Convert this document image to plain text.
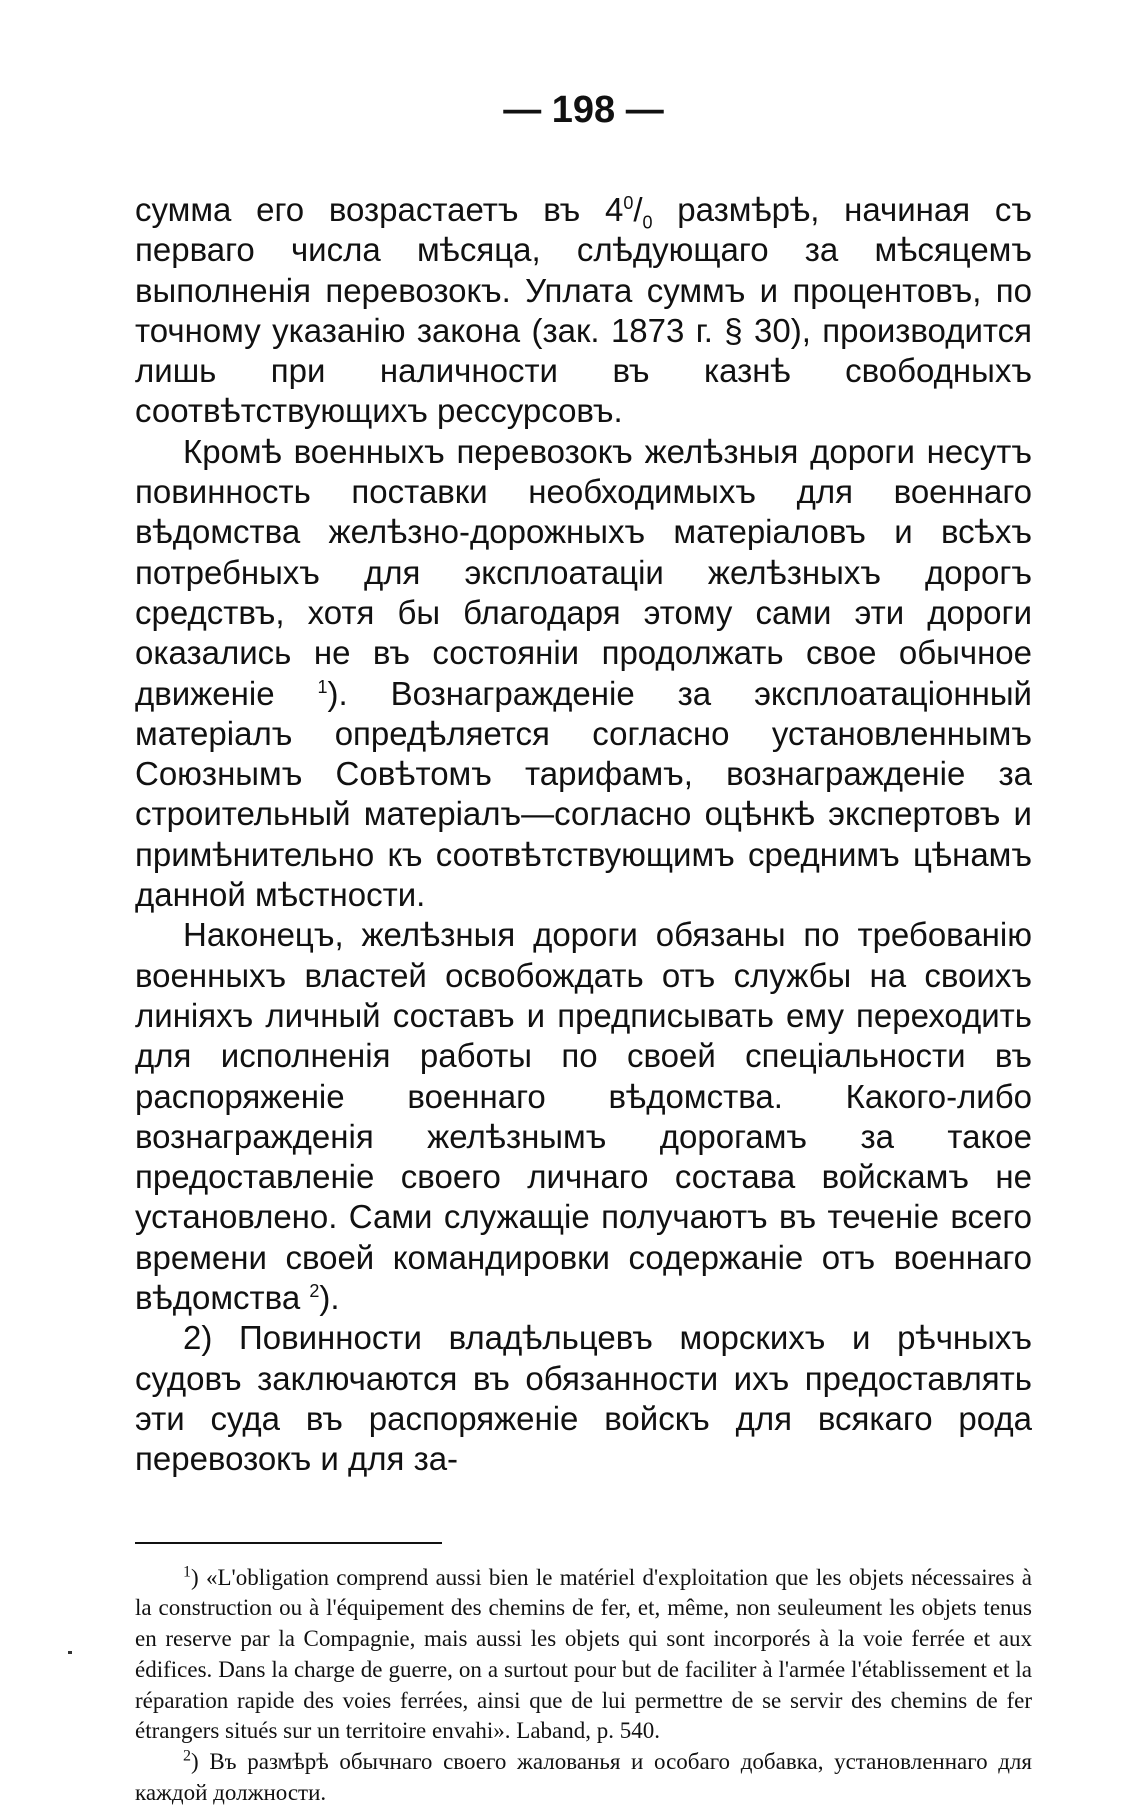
— 198 —

сумма его возрастаетъ въ $4^0/_0$ размѣрѣ, начиная съ перваго числа мѣсяца, слѣдующаго за мѣсяцемъ выполненія перевозокъ. Уплата суммъ и процентовъ, по точному указанію закона (зак. 1873 г. § 30), производится лишь при наличности въ казнѣ свободныхъ соотвѣтствующихъ рессурсовъ.

Кромѣ военныхъ перевозокъ желѣзныя дороги несутъ повинность поставки необходимыхъ для военнаго вѣдомства желѣзно-дорожныхъ матеріаловъ и всѣхъ потребныхъ для эксплоатаціи желѣзныхъ дорогъ средствъ, хотя бы благодаря этому сами эти дороги оказались не въ состояніи продолжать свое обычное движеніе $^1$). Вознагражденіе за эксплоатаціонный матеріалъ опредѣляется согласно установленнымъ Союзнымъ Совѣтомъ тарифамъ, вознагражденіе за строительный матеріалъ—согласно оцѣнкѣ экспертовъ и примѣнительно къ соотвѣтствующимъ среднимъ цѣнамъ данной мѣстности.

Наконецъ, желѣзныя дороги обязаны по требованію военныхъ властей освобождать отъ службы на своихъ линіяхъ личный составъ и предписывать ему переходить для исполненія работы по своей спеціальности въ распоряженіе военнаго вѣдомства. Какого-либо вознагражденія желѣзнымъ дорогамъ за такое предоставленіе своего личнаго состава войскамъ не установлено. Сами служащіе получаютъ въ теченіе всего времени своей командировки содержаніе отъ военнаго вѣдомства $^2$).

2) Повинности владѣльцевъ морскихъ и рѣчныхъ судовъ заключаются въ обязанности ихъ предоставлять эти суда въ распоряженіе войскъ для всякаго рода перевозокъ и для за-

$^1$) «L'obligation comprend aussi bien le matériel d'exploitation que les objets nécessaires à la construction ou à l'équipement des chemins de fer, et, même, non seuleument les objets tenus en reserve par la Compagnie, mais aussi les objets qui sont incorporés à la voie ferrée et aux édifices. Dans la charge de guerre, on a surtout pour but de faciliter à l'armée l'établissement et la réparation rapide des voies ferrées, ainsi que de lui permettre de se servir des chemins de fer étrangers situés sur un territoire envahi». Laband, p. 540.

$^2$) Въ размѣрѣ обычнаго своего жалованья и особаго добавка, установленнаго для каждой должности.
